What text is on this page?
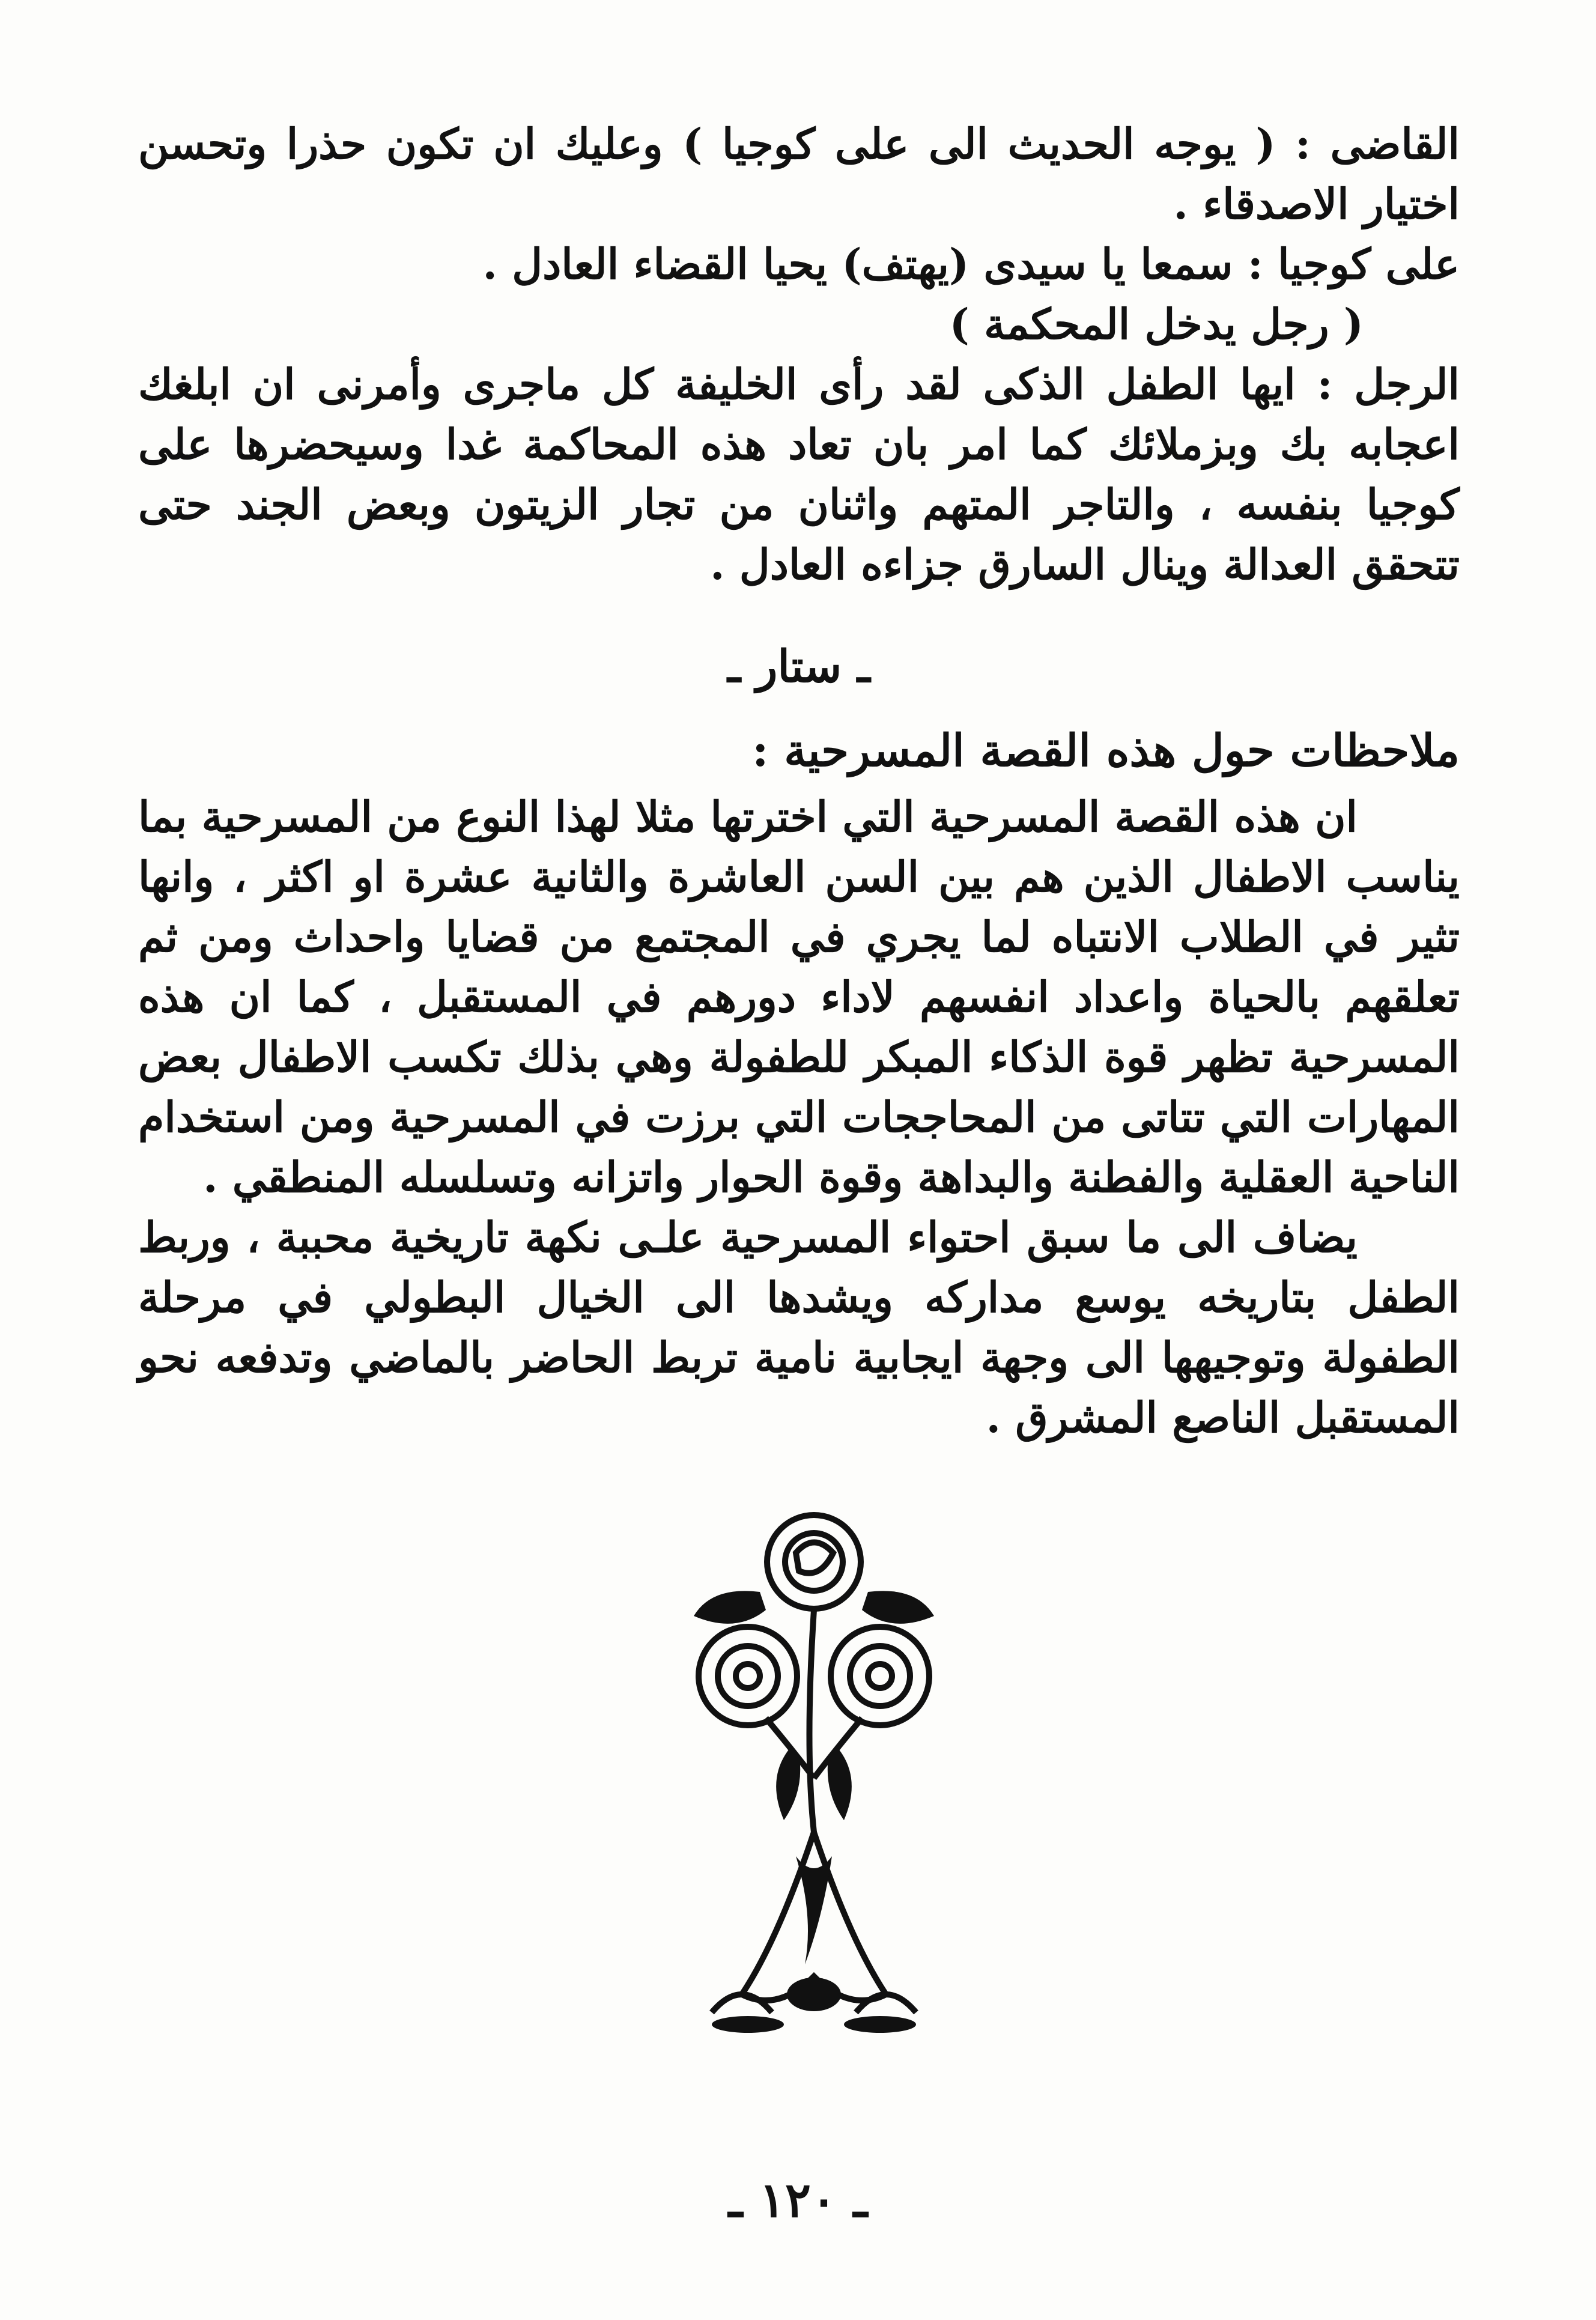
القاضى : ( يوجه الحديث الى على كوجيا ) وعليك ان تكون حذرا وتحسن اختيار الاصدقاء .

على كوجيا : سمعا يا سيدى (يهتف) يحيا القضاء العادل .
( رجل يدخل المحكمة )

الرجل : ايها الطفل الذكى لقد رأى الخليفة كل ماجرى وأمرنى ان ابلغك اعجابه بك وبزملائك كما امر بان تعاد هذه المحاكمة غدا وسيحضرها على كوجيا بنفسه ، والتاجر المتهم واثنان من تجار الزيتون وبعض الجند حتى تتحقق العدالة وينال السارق جزاءه العادل .

ـ ستار ـ
ملاحظات حول هذه القصة المسرحية :

ان هذه القصة المسرحية التي اخترتها مثلا لهذا النوع من المسرحية بما يناسب الاطفال الذين هم بين السن العاشرة والثانية عشرة او اكثر ، وانها تثير في الطلاب الانتباه لما يجري في المجتمع من قضايا واحداث ومن ثم تعلقهم بالحياة واعداد انفسهم لاداء دورهم في المستقبل ، كما ان هذه المسرحية تظهر قوة الذكاء المبكر للطفولة وهي بذلك تكسب الاطفال بعض المهارات التي تتاتى من المحاججات التي برزت في المسرحية ومن استخدام الناحية العقلية والفطنة والبداهة وقوة الحوار واتزانه وتسلسله المنطقي .

يضاف الى ما سبق احتواء المسرحية علـى نكهة تاريخية محببة ، وربط الطفل بتاريخه يوسع مداركه ويشدها الى الخيال البطولي في مرحلة الطفولة وتوجيهها الى وجهة ايجابية نامية تربط الحاضر بالماضي وتدفعه نحو المستقبل الناصع المشرق .

ـ ١٢٠ ـ
